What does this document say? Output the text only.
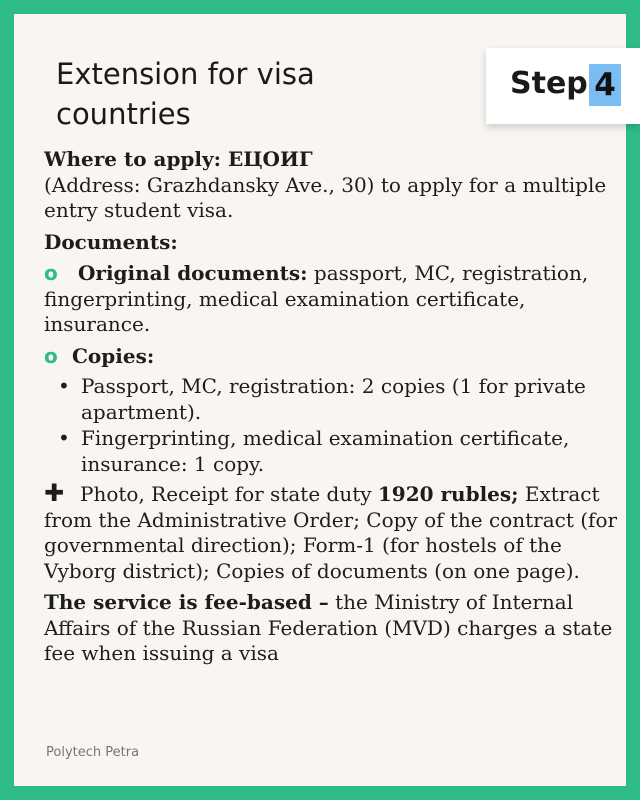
Extension for visa countries
Step 4

Where to apply: ЕЦОИГ
(Address: Grazhdansky Ave., 30) to apply for a multiple entry student visa.

Documents:

o Original documents: passport, MC, registration, fingerprinting, medical examination certificate, insurance.

o Copies:

• Passport, MC, registration: 2 copies (1 for private apartment).
• Fingerprinting, medical examination certificate, insurance: 1 copy.

✚ Photo, Receipt for state duty 1920 rubles; Extract from the Administrative Order; Copy of the contract (for governmental direction); Form-1 (for hostels of the Vyborg district); Copies of documents (on one page).

The service is fee-based – the Ministry of Internal Affairs of the Russian Federation (MVD) charges a state fee when issuing a visa

Polytech Petra
